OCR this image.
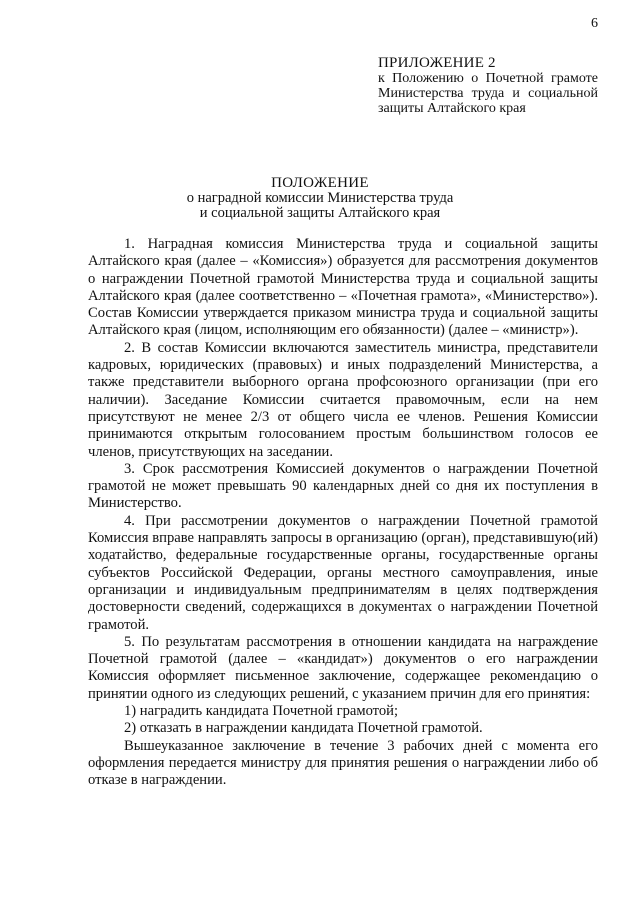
6
ПРИЛОЖЕНИЕ 2
к Положению о Почетной грамоте Министерства труда и социальной защиты Алтайского края
ПОЛОЖЕНИЕ
о наградной комиссии Министерства труда
и социальной защиты Алтайского края

1. Наградная комиссия Министерства труда и социальной защиты Алтайского края (далее – «Комиссия») образуется для рассмотрения документов о награждении Почетной грамотой Министерства труда и социальной защиты Алтайского края (далее соответственно – «Почетная грамота», «Министерство»). Состав Комиссии утверждается приказом министра труда и социальной защиты Алтайского края (лицом, исполняющим его обязанности) (далее – «министр»).

2. В состав Комиссии включаются заместитель министра, представители кадровых, юридических (правовых) и иных подразделений Министерства, а также представители выборного органа профсоюзного организации (при его наличии). Заседание Комиссии считается правомочным, если на нем присутствуют не менее 2/3 от общего числа ее членов. Решения Комиссии принимаются открытым голосованием простым большинством голосов ее членов, присутствующих на заседании.

3. Срок рассмотрения Комиссией документов о награждении Почетной грамотой не может превышать 90 календарных дней со дня их поступления в Министерство.

4. При рассмотрении документов о награждении Почетной грамотой Комиссия вправе направлять запросы в организацию (орган), представившую(ий) ходатайство, федеральные государственные органы, государственные органы субъектов Российской Федерации, органы местного самоуправления, иные организации и индивидуальным предпринимателям в целях подтверждения достоверности сведений, содержащихся в документах о награждении Почетной грамотой.

5. По результатам рассмотрения в отношении кандидата на награждение Почетной грамотой (далее – «кандидат») документов о его награждении Комиссия оформляет письменное заключение, содержащее рекомендацию о принятии одного из следующих решений, с указанием причин для его принятия:

1) наградить кандидата Почетной грамотой;

2) отказать в награждении кандидата Почетной грамотой.

Вышеуказанное заключение в течение 3 рабочих дней с момента его оформления передается министру для принятия решения о награждении либо об отказе в награждении.
